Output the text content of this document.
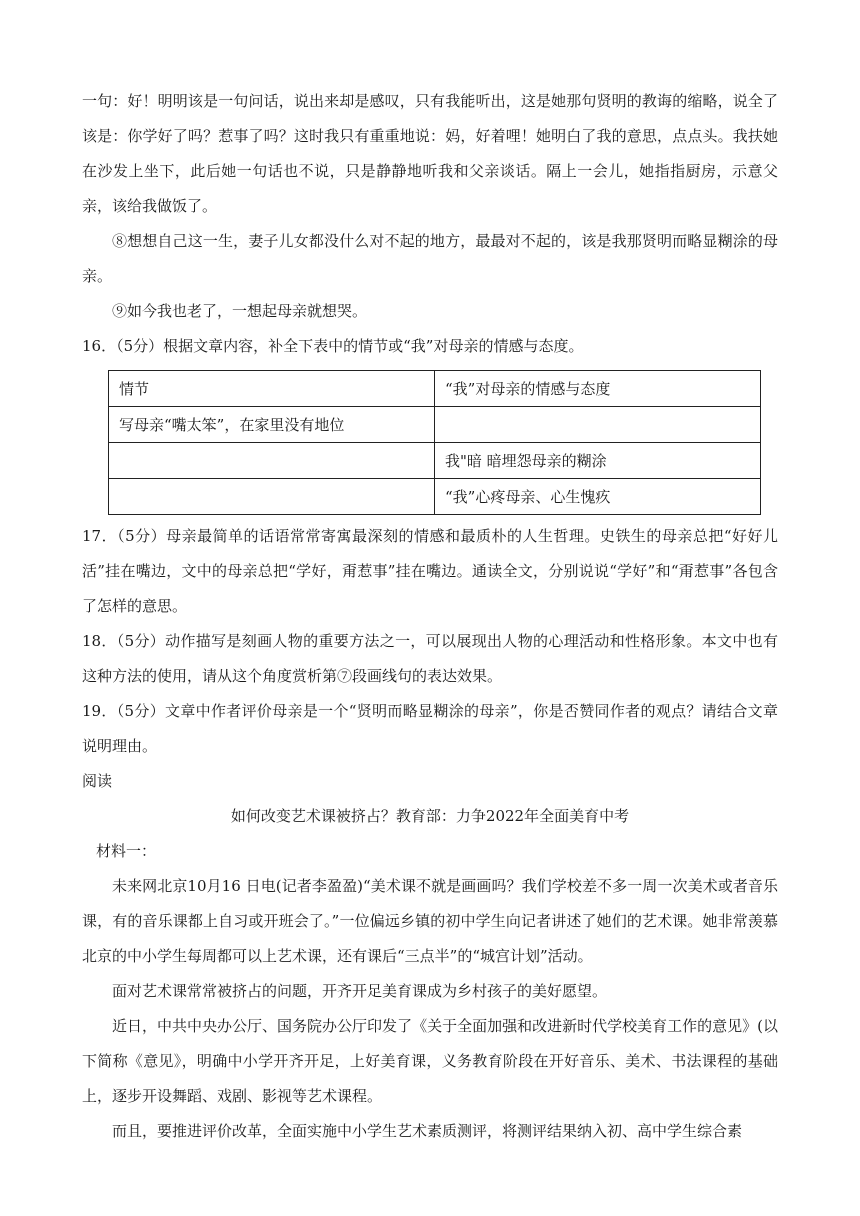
一句：好！明明该是一句问话，说出来却是感叹，只有我能听出，这是她那句贤明的教诲的缩略，说全了该是：你学好了吗？惹事了吗？这时我只有重重地说：妈，好着哩！她明白了我的意思，点点头。我扶她在沙发上坐下，此后她一句话也不说，只是静静地听我和父亲谈话。隔上一会儿，她指指厨房，示意父亲，该给我做饭了。

⑧想想自己这一生，妻子儿女都没什么对不起的地方，最最对不起的，该是我那贤明而略显糊涂的母亲。

⑨如今我也老了，一想起母亲就想哭。

16．（5分）根据文章内容，补全下表中的情节或“我”对母亲的情感与态度。

情节	“我”对母亲的情感与态度
写母亲“嘴太笨”，在家里没有地位	
	我"暗 暗埋怨母亲的糊涂
	“我”心疼母亲、心生愧疚

17．（5分）母亲最简单的话语常常寄寓最深刻的情感和最质朴的人生哲理。史铁生的母亲总把“好好儿活”挂在嘴边，文中的母亲总把“学好，甭惹事”挂在嘴边。通读全文，分别说说“学好”和“甭惹事”各包含了怎样的意思。

18．（5分）动作描写是刻画人物的重要方法之一，可以展现出人物的心理活动和性格形象。本文中也有这种方法的使用，请从这个角度赏析第⑦段画线句的表达效果。

19．（5分）文章中作者评价母亲是一个“贤明而略显糊涂的母亲”，你是否赞同作者的观点？请结合文章说明理由。

阅读

如何改变艺术课被挤占？教育部：力争2022年全面美育中考

材料一：

未来网北京10月16 日电(记者李盈盈)“美术课不就是画画吗？我们学校差不多一周一次美术或者音乐课，有的音乐课都上自习或开班会了。”一位偏远乡镇的初中学生向记者讲述了她们的艺术课。她非常羡慕北京的中小学生每周都可以上艺术课，还有课后“三点半”的“城宫计划”活动。

面对艺术课常常被挤占的问题，开齐开足美育课成为乡村孩子的美好愿望。

近日，中共中央办公厅、国务院办公厅印发了《关于全面加强和改进新时代学校美育工作的意见》(以下简称《意见》，明确中小学开齐开足，上好美育课，义务教育阶段在开好音乐、美术、书法课程的基础上，逐步开设舞蹈、戏剧、影视等艺术课程。

而且，要推进评价改革，全面实施中小学生艺术素质测评，将测评结果纳入初、高中学生综合素
